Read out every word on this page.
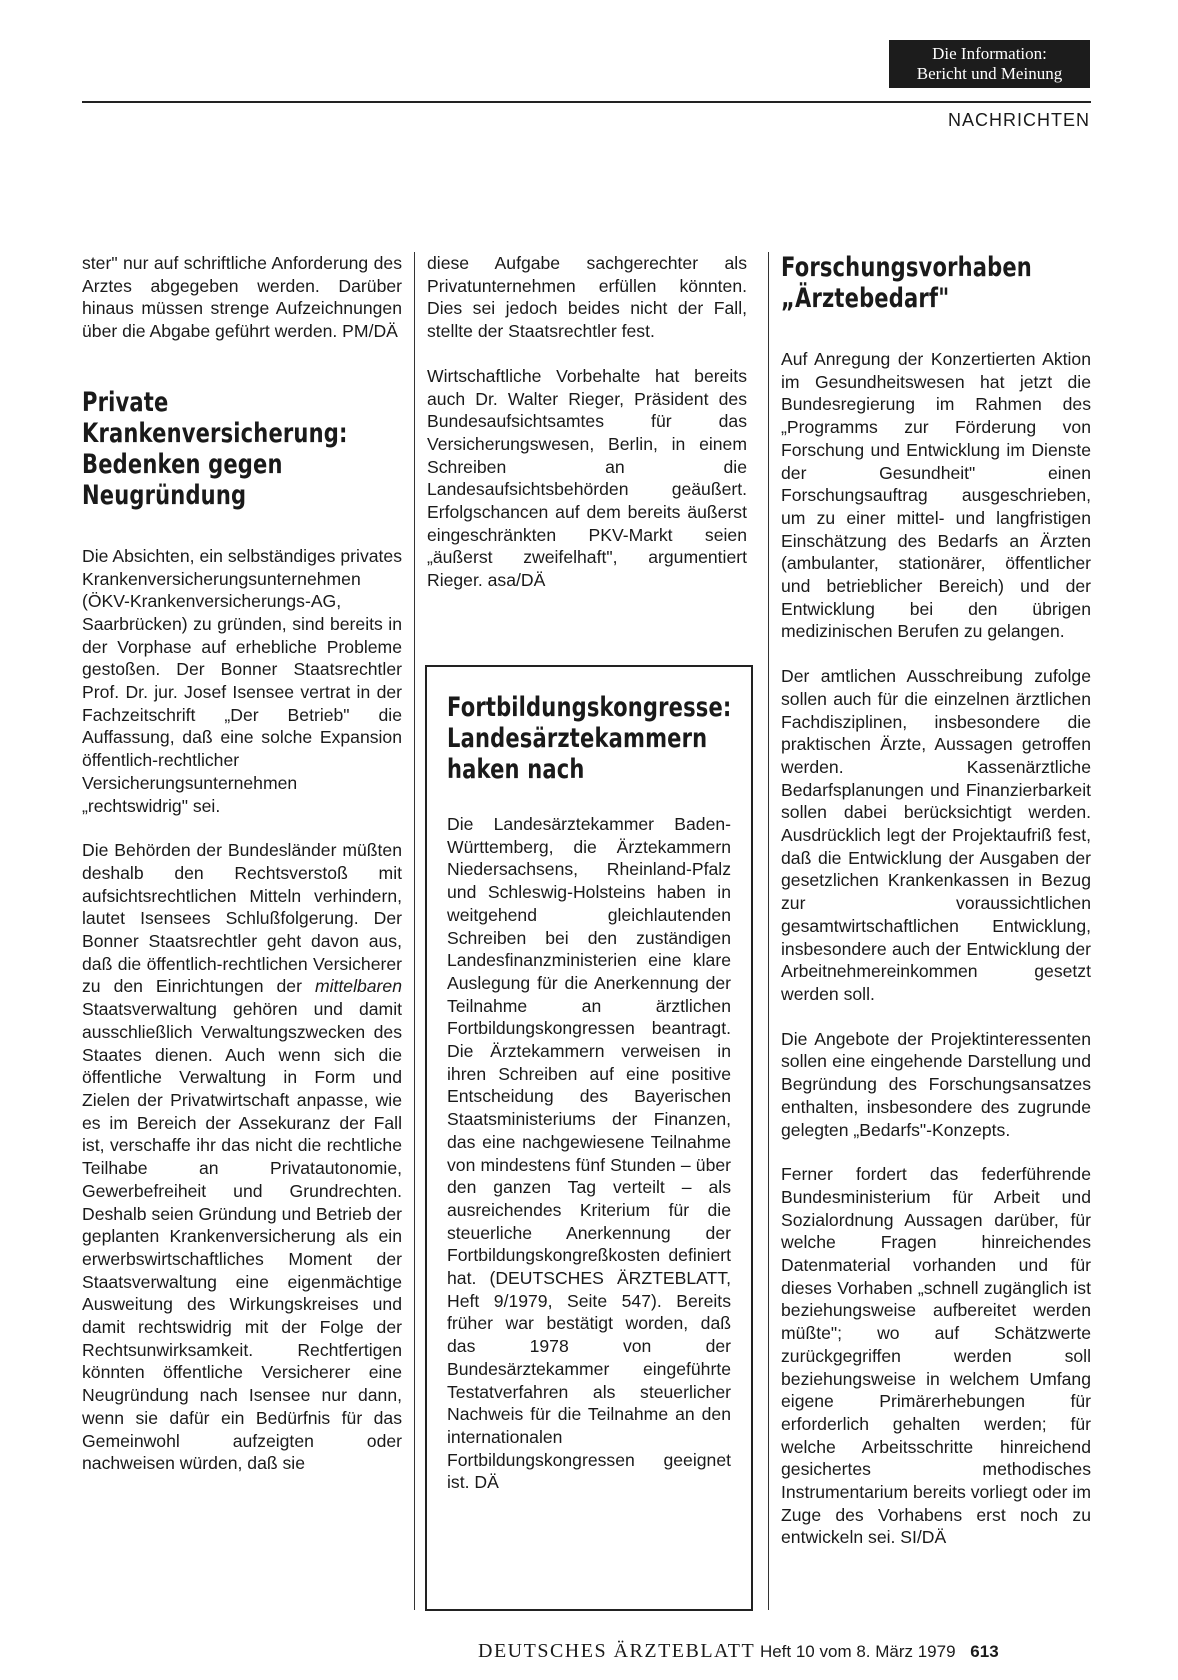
Die Information:
Bericht und Meinung
NACHRICHTEN

ster" nur auf schriftliche Anforderung des Arztes abgegeben werden. Darüber hinaus müssen strenge Aufzeichnungen über die Abgabe geführt werden. PM/DÄ

Private Krankenversicherung: Bedenken gegen Neugründung

Die Absichten, ein selbständiges privates Krankenversicherungsunternehmen (ÖKV-Krankenversicherungs-AG, Saarbrücken) zu gründen, sind bereits in der Vorphase auf erhebliche Probleme gestoßen. Der Bonner Staatsrechtler Prof. Dr. jur. Josef Isensee vertrat in der Fachzeitschrift „Der Betrieb" die Auffassung, daß eine solche Expansion öffentlich-rechtlicher Versicherungsunternehmen „rechtswidrig" sei.

Die Behörden der Bundesländer müßten deshalb den Rechtsverstoß mit aufsichtsrechtlichen Mitteln verhindern, lautet Isensees Schlußfolgerung. Der Bonner Staatsrechtler geht davon aus, daß die öffentlich-rechtlichen Versicherer zu den Einrichtungen der mittelbaren Staatsverwaltung gehören und damit ausschließlich Verwaltungszwecken des Staates dienen. Auch wenn sich die öffentliche Verwaltung in Form und Zielen der Privatwirtschaft anpasse, wie es im Bereich der Assekuranz der Fall ist, verschaffe ihr das nicht die rechtliche Teilhabe an Privatautonomie, Gewerbefreiheit und Grundrechten. Deshalb seien Gründung und Betrieb der geplanten Krankenversicherung als ein erwerbswirtschaftliches Moment der Staatsverwaltung eine eigenmächtige Ausweitung des Wirkungskreises und damit rechtswidrig mit der Folge der Rechtsunwirksamkeit. Rechtfertigen könnten öffentliche Versicherer eine Neugründung nach Isensee nur dann, wenn sie dafür ein Bedürfnis für das Gemeinwohl aufzeigten oder nachweisen würden, daß sie

diese Aufgabe sachgerechter als Privatunternehmen erfüllen könnten. Dies sei jedoch beides nicht der Fall, stellte der Staatsrechtler fest.

Wirtschaftliche Vorbehalte hat bereits auch Dr. Walter Rieger, Präsident des Bundesaufsichtsamtes für das Versicherungswesen, Berlin, in einem Schreiben an die Landesaufsichtsbehörden geäußert. Erfolgschancen auf dem bereits äußerst eingeschränkten PKV-Markt seien „äußerst zweifelhaft", argumentiert Rieger. asa/DÄ

Fortbildungskongresse: Landesärztekammern haken nach

Die Landesärztekammer Baden-Württemberg, die Ärztekammern Niedersachsens, Rheinland-Pfalz und Schleswig-Holsteins haben in weitgehend gleichlautenden Schreiben bei den zuständigen Landesfinanzministerien eine klare Auslegung für die Anerkennung der Teilnahme an ärztlichen Fortbildungskongressen beantragt. Die Ärztekammern verweisen in ihren Schreiben auf eine positive Entscheidung des Bayerischen Staatsministeriums der Finanzen, das eine nachgewiesene Teilnahme von mindestens fünf Stunden – über den ganzen Tag verteilt – als ausreichendes Kriterium für die steuerliche Anerkennung der Fortbildungskongreßkosten definiert hat. (DEUTSCHES ÄRZTEBLATT, Heft 9/1979, Seite 547). Bereits früher war bestätigt worden, daß das 1978 von der Bundesärztekammer eingeführte Testatverfahren als steuerlicher Nachweis für die Teilnahme an den internationalen Fortbildungskongressen geeignet ist. DÄ

Forschungsvorhaben „Ärztebedarf"

Auf Anregung der Konzertierten Aktion im Gesundheitswesen hat jetzt die Bundesregierung im Rahmen des „Programms zur Förderung von Forschung und Entwicklung im Dienste der Gesundheit" einen Forschungsauftrag ausgeschrieben, um zu einer mittel- und langfristigen Einschätzung des Bedarfs an Ärzten (ambulanter, stationärer, öffentlicher und betrieblicher Bereich) und der Entwicklung bei den übrigen medizinischen Berufen zu gelangen.

Der amtlichen Ausschreibung zufolge sollen auch für die einzelnen ärztlichen Fachdisziplinen, insbesondere die praktischen Ärzte, Aussagen getroffen werden. Kassenärztliche Bedarfsplanungen und Finanzierbarkeit sollen dabei berücksichtigt werden. Ausdrücklich legt der Projektaufriß fest, daß die Entwicklung der Ausgaben der gesetzlichen Krankenkassen in Bezug zur voraussichtlichen gesamtwirtschaftlichen Entwicklung, insbesondere auch der Entwicklung der Arbeitnehmereinkommen gesetzt werden soll.

Die Angebote der Projektinteressenten sollen eine eingehende Darstellung und Begründung des Forschungsansatzes enthalten, insbesondere des zugrunde gelegten „Bedarfs"-Konzepts.

Ferner fordert das federführende Bundesministerium für Arbeit und Sozialordnung Aussagen darüber, für welche Fragen hinreichendes Datenmaterial vorhanden und für dieses Vorhaben „schnell zugänglich ist beziehungsweise aufbereitet werden müßte"; wo auf Schätzwerte zurückgegriffen werden soll beziehungsweise in welchem Umfang eigene Primärerhebungen für erforderlich gehalten werden; für welche Arbeitsschritte hinreichend gesichertes methodisches Instrumentarium bereits vorliegt oder im Zuge des Vorhabens erst noch zu entwickeln sei. SI/DÄ

DEUTSCHES ÄRZTEBLATT Heft 10 vom 8. März 1979 613
